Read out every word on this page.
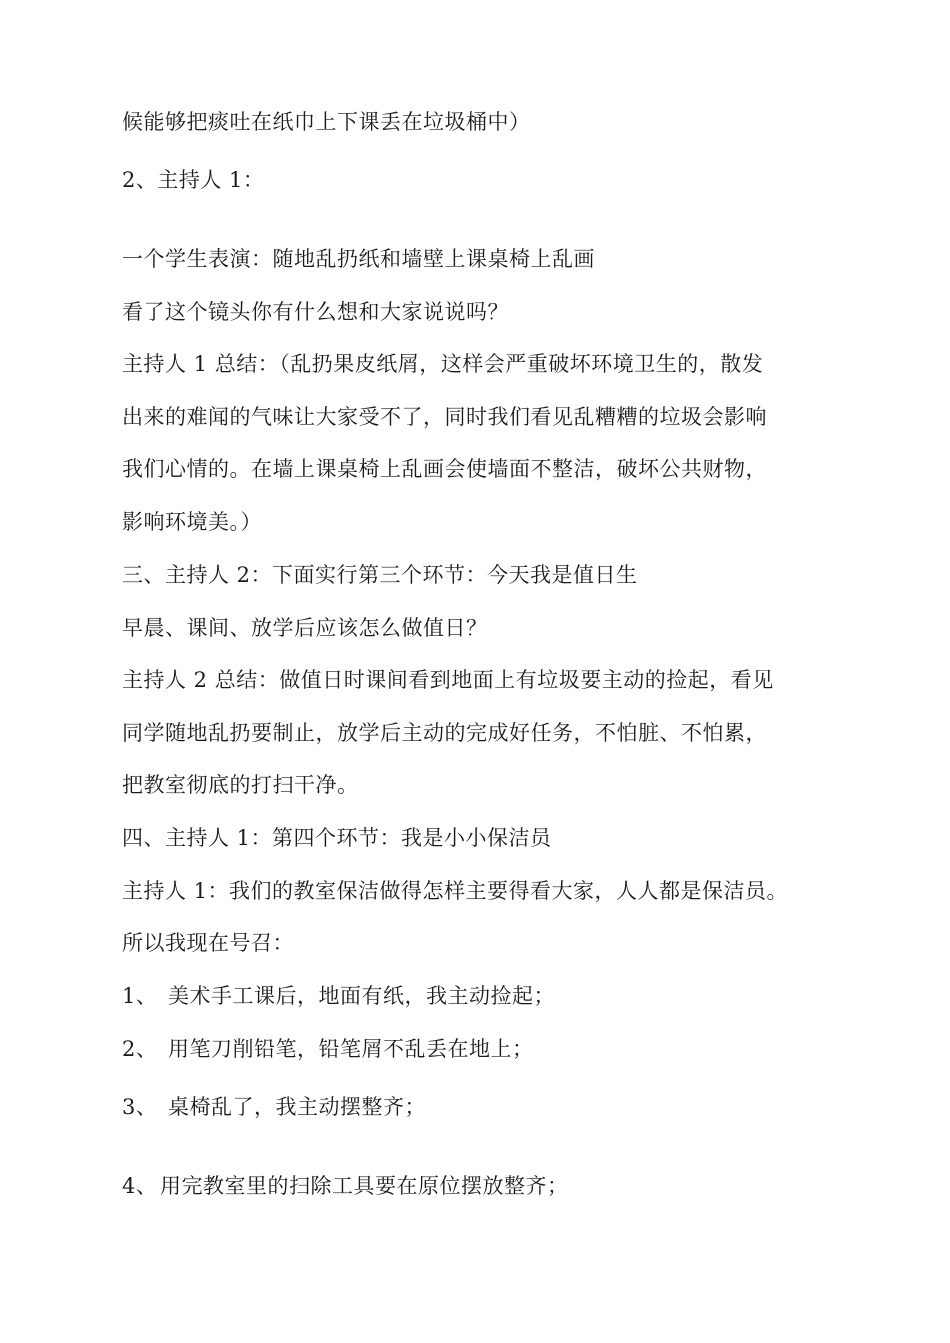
候能够把痰吐在纸巾上下课丢在垃圾桶中）
2、主持人 1：
一个学生表演：随地乱扔纸和墙壁上课桌椅上乱画
看了这个镜头你有什么想和大家说说吗？
主持人 1 总结：（乱扔果皮纸屑，这样会严重破坏环境卫生的，散发
出来的难闻的气味让大家受不了，同时我们看见乱糟糟的垃圾会影响
我们心情的。在墙上课桌椅上乱画会使墙面不整洁，破坏公共财物，
影响环境美。）
三、主持人 2：下面实行第三个环节：今天我是值日生
早晨、课间、放学后应该怎么做值日？
主持人 2 总结：做值日时课间看到地面上有垃圾要主动的捡起，看见
同学随地乱扔要制止，放学后主动的完成好任务，不怕脏、不怕累，
把教室彻底的打扫干净。
四、主持人 1：第四个环节：我是小小保洁员
主持人 1：我们的教室保洁做得怎样主要得看大家，人人都是保洁员。
所以我现在号召：
1、 美术手工课后，地面有纸，我主动捡起；
2、 用笔刀削铅笔，铅笔屑不乱丢在地上；
3、 桌椅乱了，我主动摆整齐；
4、 用完教室里的扫除工具要在原位摆放整齐；
